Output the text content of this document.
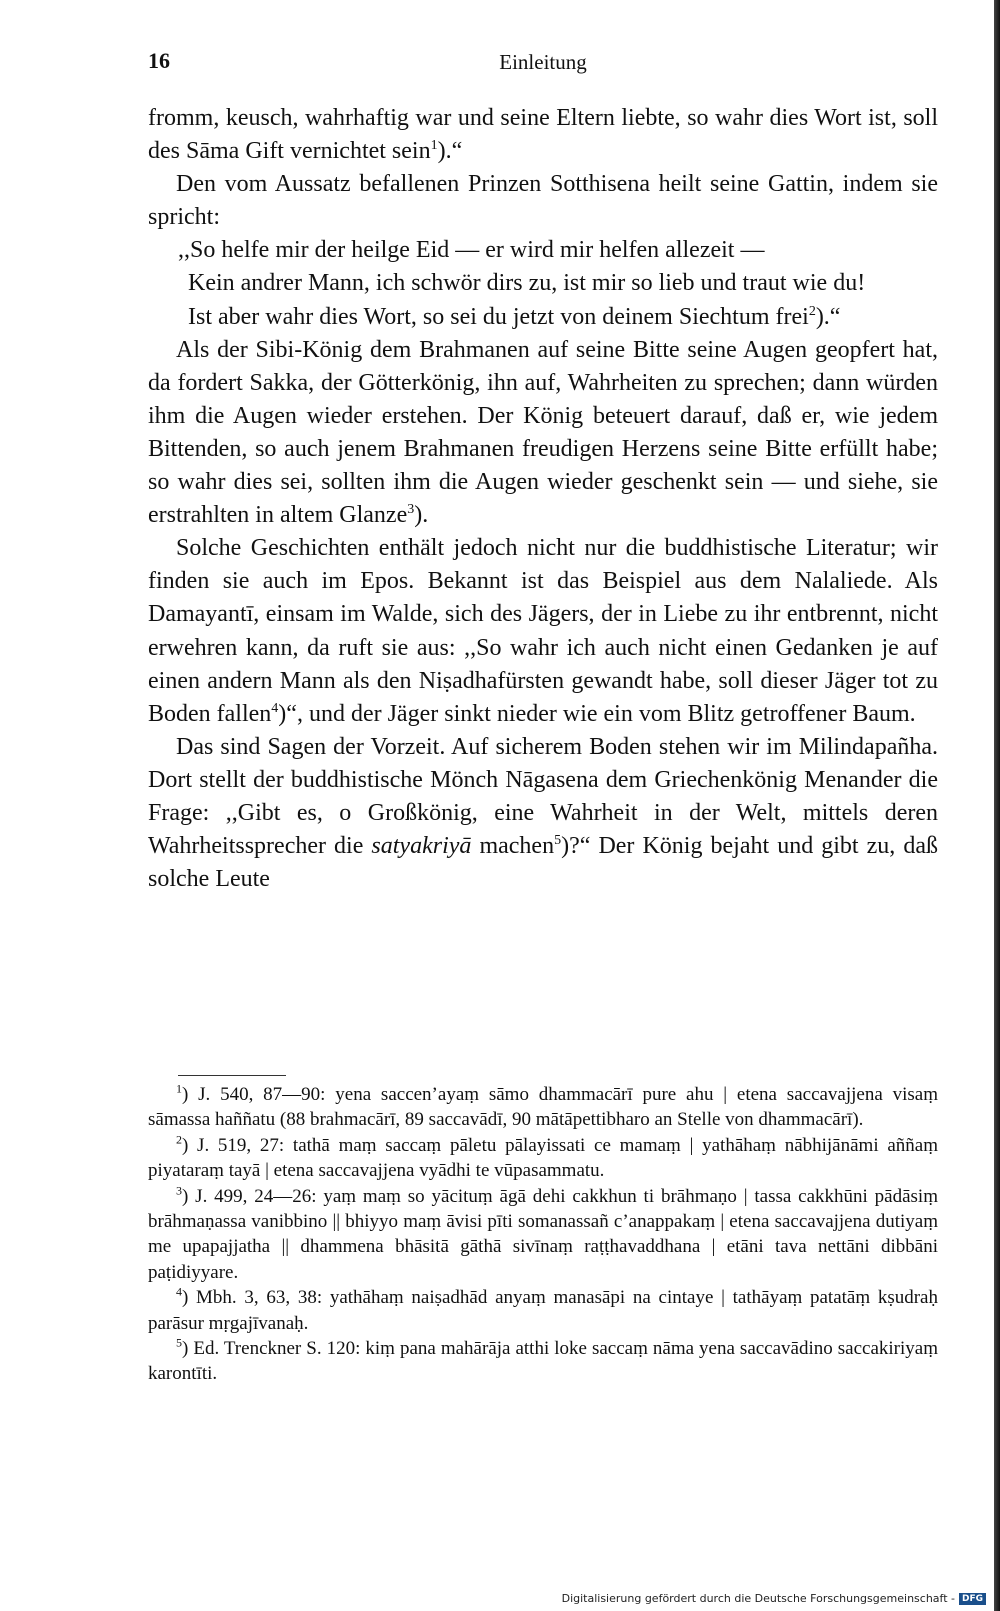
16	Einleitung

fromm, keusch, wahrhaftig war und seine Eltern liebte, so wahr dies Wort ist, soll des Sāma Gift vernichtet sein$^1$).“

Den vom Aussatz befallenen Prinzen Sotthisena heilt seine Gattin, indem sie spricht:

,,So helfe mir der heilge Eid — er wird mir helfen allezeit —

Kein andrer Mann, ich schwör dirs zu, ist mir so lieb und traut wie du!

Ist aber wahr dies Wort, so sei du jetzt von deinem Siechtum frei$^2$).“

Als der Sibi-König dem Brahmanen auf seine Bitte seine Augen geopfert hat, da fordert Sakka, der Götterkönig, ihn auf, Wahrheiten zu sprechen; dann würden ihm die Augen wieder erstehen. Der König beteuert darauf, daß er, wie jedem Bittenden, so auch jenem Brahmanen freudigen Herzens seine Bitte erfüllt habe; so wahr dies sei, sollten ihm die Augen wieder geschenkt sein — und siehe, sie erstrahlten in altem Glanze$^3$).

Solche Geschichten enthält jedoch nicht nur die buddhistische Literatur; wir finden sie auch im Epos. Bekannt ist das Beispiel aus dem Nalaliede. Als Damayantī, einsam im Walde, sich des Jägers, der in Liebe zu ihr entbrennt, nicht erwehren kann, da ruft sie aus: ,,So wahr ich auch nicht einen Gedanken je auf einen andern Mann als den Niṣadhafürsten gewandt habe, soll dieser Jäger tot zu Boden fallen$^4$)“, und der Jäger sinkt nieder wie ein vom Blitz getroffener Baum.

Das sind Sagen der Vorzeit. Auf sicherem Boden stehen wir im Milindapañha. Dort stellt der buddhistische Mönch Nāgasena dem Griechenkönig Menander die Frage: ,,Gibt es, o Großkönig, eine Wahrheit in der Welt, mittels deren Wahrheitssprecher die satyakriyā machen$^5$)?“ Der König bejaht und gibt zu, daß solche Leute

$^1$) J. 540, 87—90: yena saccen’ayaṃ sāmo dhammacārī pure ahu | etena saccavajjena visaṃ sāmassa haññatu (88 brahmacārī, 89 saccavādī, 90 mātāpettibharo an Stelle von dhammacārī).

$^2$) J. 519, 27: tathā maṃ saccaṃ pāletu pālayissati ce mamaṃ | yathāhaṃ nābhijānāmi aññaṃ piyataraṃ tayā | etena saccavajjena vyādhi te vūpasammatu.

$^3$) J. 499, 24—26: yaṃ maṃ so yācituṃ āgā dehi cakkhun ti brāhmaṇo | tassa cakkhūni pādāsiṃ brāhmaṇassa vanibbino || bhiyyo maṃ āvisi pīti somanassañ c’anappakaṃ | etena saccavajjena dutiyaṃ me upapajjatha || dhammena bhāsitā gāthā sivīnaṃ raṭṭhavaddhana | etāni tava nettāni dibbāni paṭidiyyare.

$^4$) Mbh. 3, 63, 38: yathāhaṃ naiṣadhād anyaṃ manasāpi na cintaye | tathāyaṃ patatāṃ kṣudraḥ parāsur mṛgajīvanaḥ.

$^5$) Ed. Trenckner S. 120: kiṃ pana mahārāja atthi loke saccaṃ nāma yena saccavādino saccakiriyaṃ karontīti.

Digitalisierung gefördert durch die Deutsche Forschungsgemeinschaft - DFG
